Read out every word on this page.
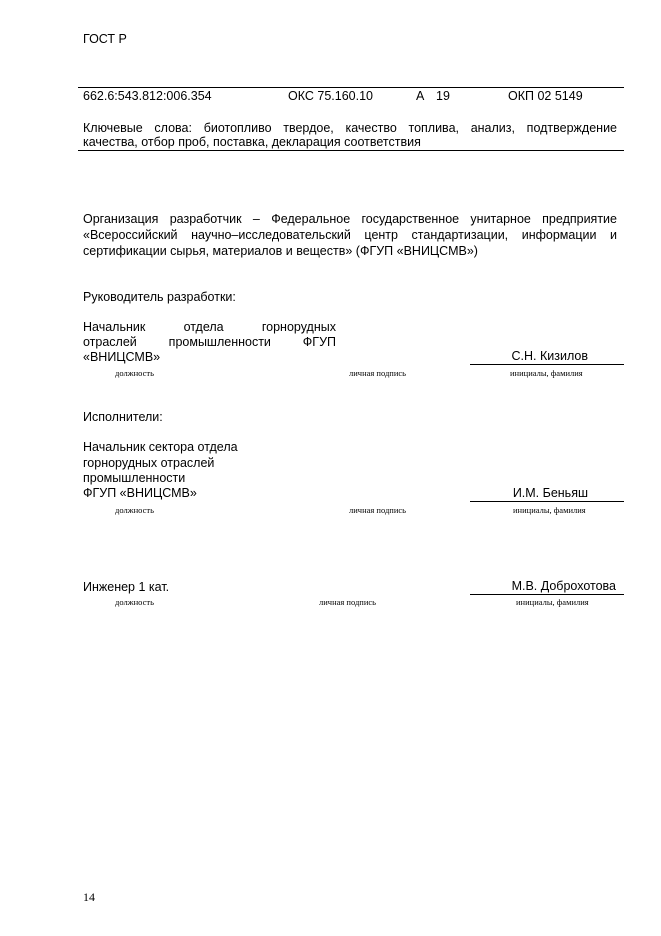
ГОСТ Р
662.6:543.812:006.354	ОКС 75.160.10	А 19	ОКП 02 5149
Ключевые слова: биотопливо твердое, качество топлива, анализ, подтверждение
качества, отбор проб, поставка, декларация соответствия
Организация разработчик – Федеральное государственное унитарное предприятие
«Всероссийский научно–исследовательский центр стандартизации, информации и
сертификации сырья, материалов и веществ» (ФГУП «ВНИЦСМВ»)
Руководитель разработки:
Начальник отдела горнорудных
отраслей промышленности ФГУП
«ВНИЦСМВ»	С.Н. Кизилов
должность	личная подпись	инициалы, фамилия
Исполнители:
Начальник сектора отдела
горнорудных отраслей
промышленности
ФГУП «ВНИЦСМВ»	И.М. Беньяш
должность	личная подпись	инициалы, фамилия
Инженер 1 кат.	М.В. Доброхотова
должность	личная подпись	инициалы, фамилия
14
